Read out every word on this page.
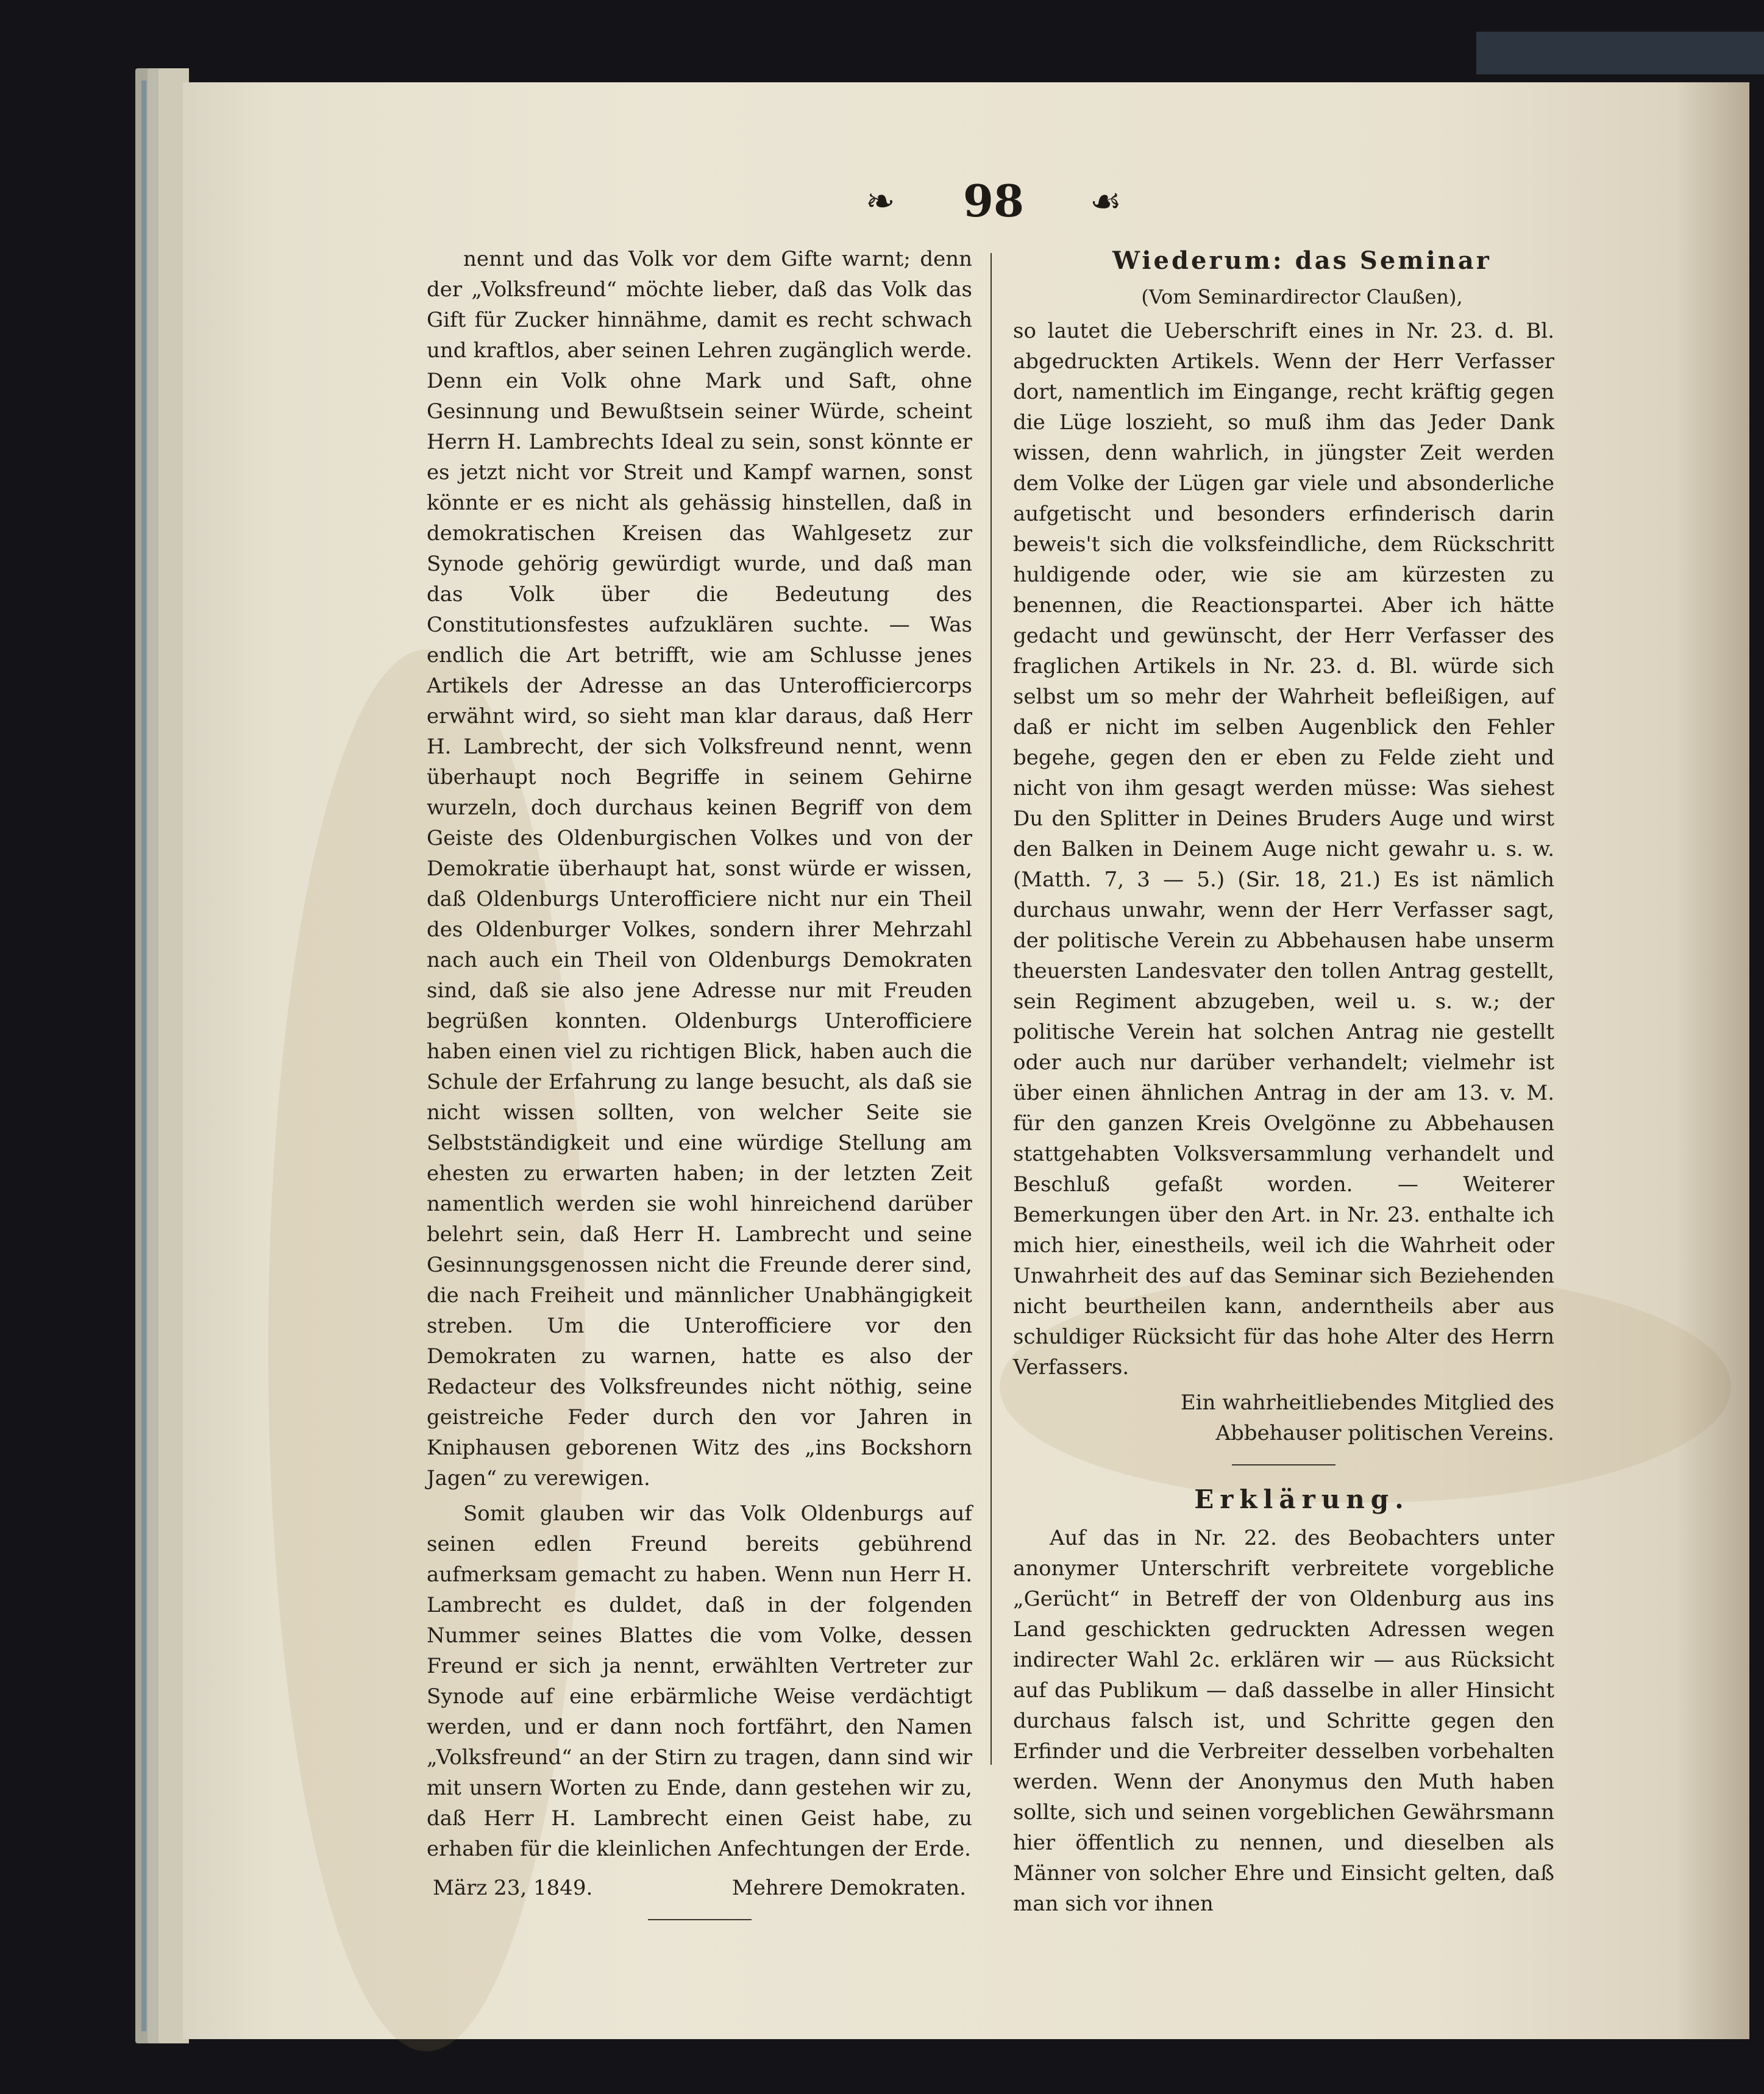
❧ 98 ☙

nennt und das Volk vor dem Gifte warnt; denn der „Volksfreund“ möchte lieber, daß das Volk das Gift für Zucker hinnähme, damit es recht schwach und kraftlos, aber seinen Lehren zugänglich werde. Denn ein Volk ohne Mark und Saft, ohne Gesinnung und Bewußtsein seiner Würde, scheint Herrn H. Lambrechts Ideal zu sein, sonst könnte er es jetzt nicht vor Streit und Kampf warnen, sonst könnte er es nicht als gehässig hinstellen, daß in demokratischen Kreisen das Wahlgesetz zur Synode gehörig gewürdigt wurde, und daß man das Volk über die Bedeutung des Constitutionsfestes aufzuklären suchte. — Was endlich die Art betrifft, wie am Schlusse jenes Artikels der Adresse an das Unterofficiercorps erwähnt wird, so sieht man klar daraus, daß Herr H. Lambrecht, der sich Volksfreund nennt, wenn überhaupt noch Begriffe in seinem Gehirne wurzeln, doch durchaus keinen Begriff von dem Geiste des Oldenburgischen Volkes und von der Demokratie überhaupt hat, sonst würde er wissen, daß Oldenburgs Unterofficiere nicht nur ein Theil des Oldenburger Volkes, sondern ihrer Mehrzahl nach auch ein Theil von Oldenburgs Demokraten sind, daß sie also jene Adresse nur mit Freuden begrüßen konnten. Oldenburgs Unterofficiere haben einen viel zu richtigen Blick, haben auch die Schule der Erfahrung zu lange besucht, als daß sie nicht wissen sollten, von welcher Seite sie Selbstständigkeit und eine würdige Stellung am ehesten zu erwarten haben; in der letzten Zeit namentlich werden sie wohl hinreichend darüber belehrt sein, daß Herr H. Lambrecht und seine Gesinnungsgenossen nicht die Freunde derer sind, die nach Freiheit und männlicher Unabhängigkeit streben. Um die Unterofficiere vor den Demokraten zu warnen, hatte es also der Redacteur des Volksfreundes nicht nöthig, seine geistreiche Feder durch den vor Jahren in Kniphausen geborenen Witz des „ins Bockshorn Jagen“ zu verewigen.

Somit glauben wir das Volk Oldenburgs auf seinen edlen Freund bereits gebührend aufmerksam gemacht zu haben. Wenn nun Herr H. Lambrecht es duldet, daß in der folgenden Nummer seines Blattes die vom Volke, dessen Freund er sich ja nennt, erwählten Vertreter zur Synode auf eine erbärmliche Weise verdächtigt werden, und er dann noch fortfährt, den Namen „Volksfreund“ an der Stirn zu tragen, dann sind wir mit unsern Worten zu Ende, dann gestehen wir zu, daß Herr H. Lambrecht einen Geist habe, zu erhaben für die kleinlichen Anfechtungen der Erde.

März 23, 1849.	Mehrere Demokraten.

Wiederum: das Seminar

(Vom Seminardirector Claußen),

so lautet die Ueberschrift eines in Nr. 23. d. Bl. abgedruckten Artikels. Wenn der Herr Verfasser dort, namentlich im Eingange, recht kräftig gegen die Lüge loszieht, so muß ihm das Jeder Dank wissen, denn wahrlich, in jüngster Zeit werden dem Volke der Lügen gar viele und absonderliche aufgetischt und besonders erfinderisch darin beweis't sich die volksfeindliche, dem Rückschritt huldigende oder, wie sie am kürzesten zu benennen, die Reactionspartei. Aber ich hätte gedacht und gewünscht, der Herr Verfasser des fraglichen Artikels in Nr. 23. d. Bl. würde sich selbst um so mehr der Wahrheit befleißigen, auf daß er nicht im selben Augenblick den Fehler begehe, gegen den er eben zu Felde zieht und nicht von ihm gesagt werden müsse: Was siehest Du den Splitter in Deines Bruders Auge und wirst den Balken in Deinem Auge nicht gewahr u. s. w. (Matth. 7, 3 — 5.) (Sir. 18, 21.) Es ist nämlich durchaus unwahr, wenn der Herr Verfasser sagt, der politische Verein zu Abbehausen habe unserm theuersten Landesvater den tollen Antrag gestellt, sein Regiment abzugeben, weil u. s. w.; der politische Verein hat solchen Antrag nie gestellt oder auch nur darüber verhandelt; vielmehr ist über einen ähnlichen Antrag in der am 13. v. M. für den ganzen Kreis Ovelgönne zu Abbehausen stattgehabten Volksversammlung verhandelt und Beschluß gefaßt worden. — Weiterer Bemerkungen über den Art. in Nr. 23. enthalte ich mich hier, einestheils, weil ich die Wahrheit oder Unwahrheit des auf das Seminar sich Beziehenden nicht beurtheilen kann, anderntheils aber aus schuldiger Rücksicht für das hohe Alter des Herrn Verfassers.

Ein wahrheitliebendes Mitglied des Abbehauser politischen Vereins.

Erklärung.

Auf das in Nr. 22. des Beobachters unter anonymer Unterschrift verbreitete vorgebliche „Gerücht“ in Betreff der von Oldenburg aus ins Land geschickten gedruckten Adressen wegen indirecter Wahl 2c. erklären wir — aus Rücksicht auf das Publikum — daß dasselbe in aller Hinsicht durchaus falsch ist, und Schritte gegen den Erfinder und die Verbreiter desselben vorbehalten werden. Wenn der Anonymus den Muth haben sollte, sich und seinen vorgeblichen Gewährsmann hier öffentlich zu nennen, und dieselben als Männer von solcher Ehre und Einsicht gelten, daß man sich vor ihnen
